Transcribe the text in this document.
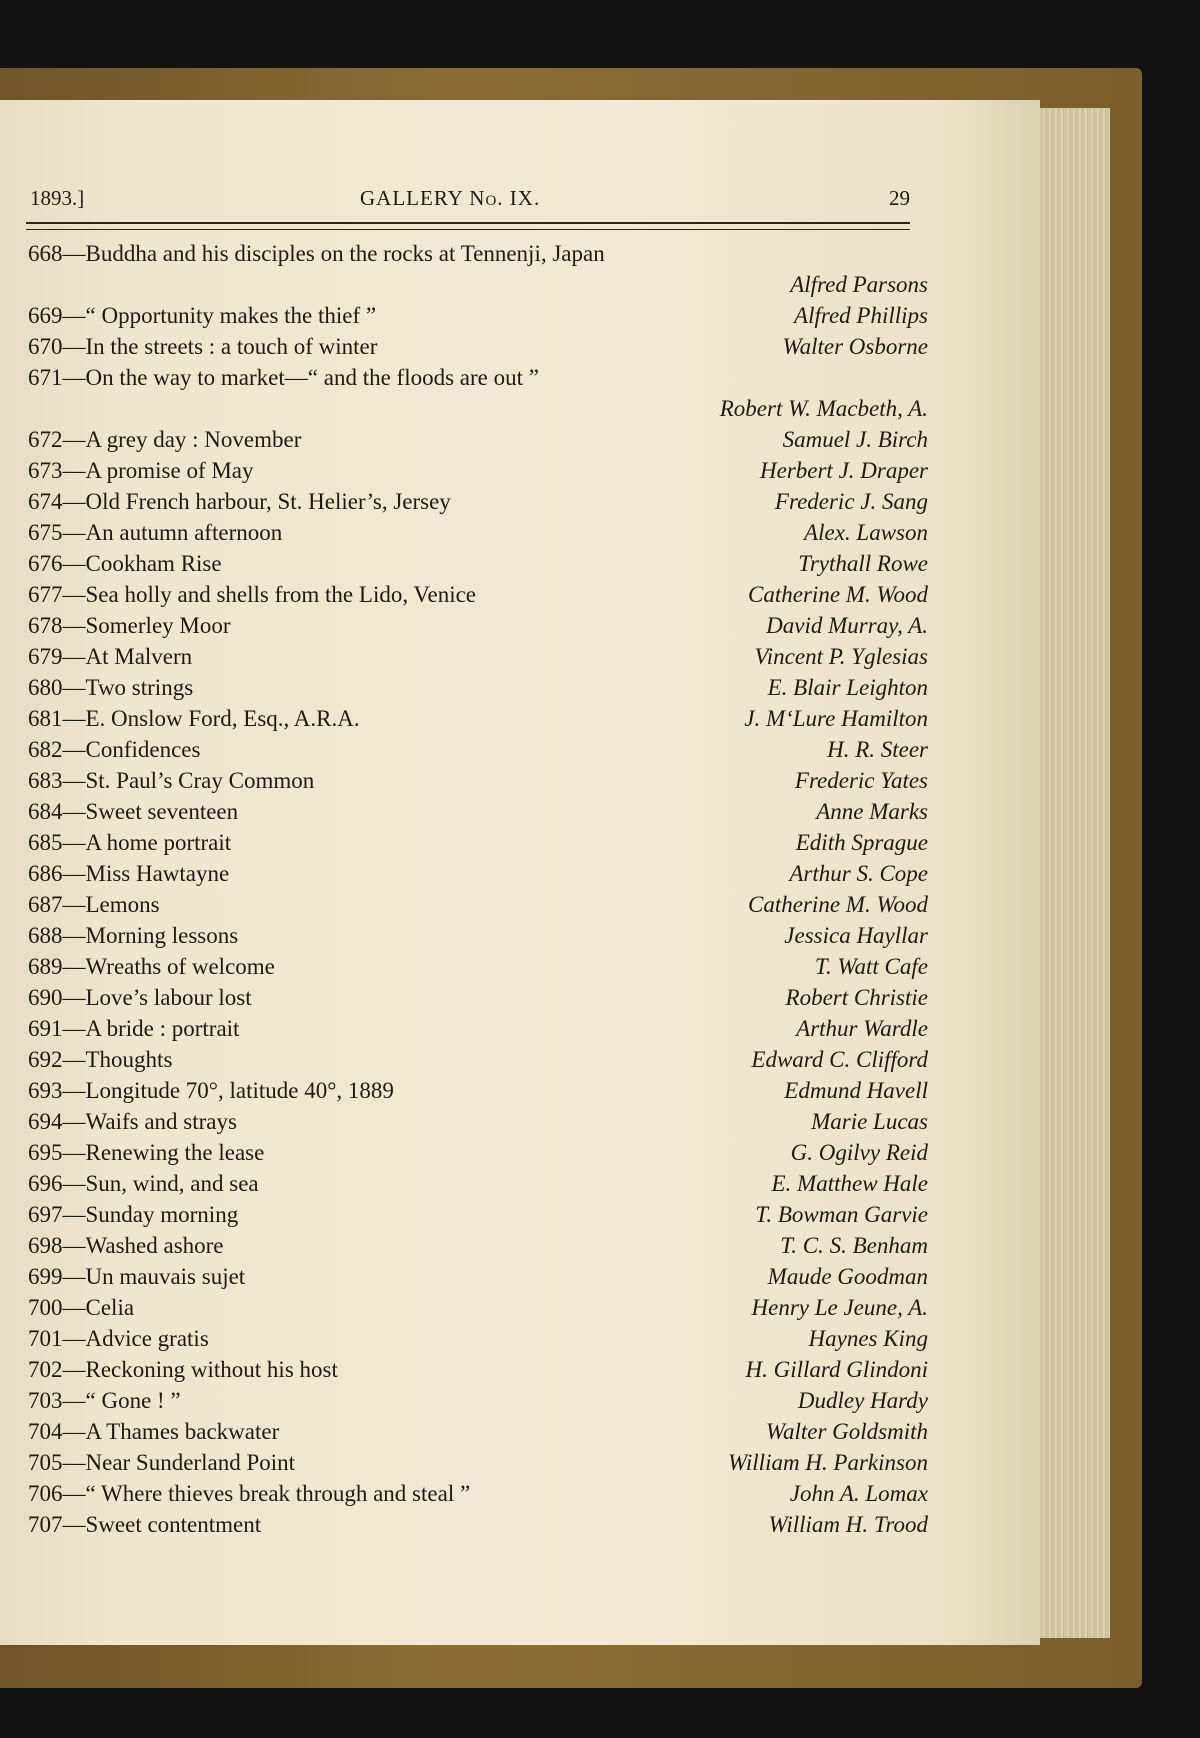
1893.]	GALLERY No. IX.	29
668—Buddha and his disciples on the rocks at Tennenji, Japan
Alfred Parsons
669—“ Opportunity makes the thief ”	Alfred Phillips
670—In the streets : a touch of winter	Walter Osborne
671—On the way to market—“ and the floods are out ”
Robert W. Macbeth, A.
672—A grey day : November	Samuel J. Birch
673—A promise of May	Herbert J. Draper
674—Old French harbour, St. Helier’s, Jersey	Frederic J. Sang
675—An autumn afternoon	Alex. Lawson
676—Cookham Rise	Trythall Rowe
677—Sea holly and shells from the Lido, Venice	Catherine M. Wood
678—Somerley Moor	David Murray, A.
679—At Malvern	Vincent P. Yglesias
680—Two strings	E. Blair Leighton
681—E. Onslow Ford, Esq., A.R.A.	J. M‘Lure Hamilton
682—Confidences	H. R. Steer
683—St. Paul’s Cray Common	Frederic Yates
684—Sweet seventeen	Anne Marks
685—A home portrait	Edith Sprague
686—Miss Hawtayne	Arthur S. Cope
687—Lemons	Catherine M. Wood
688—Morning lessons	Jessica Hayllar
689—Wreaths of welcome	T. Watt Cafe
690—Love’s labour lost	Robert Christie
691—A bride : portrait	Arthur Wardle
692—Thoughts	Edward C. Clifford
693—Longitude 70°, latitude 40°, 1889	Edmund Havell
694—Waifs and strays	Marie Lucas
695—Renewing the lease	G. Ogilvy Reid
696—Sun, wind, and sea	E. Matthew Hale
697—Sunday morning	T. Bowman Garvie
698—Washed ashore	T. C. S. Benham
699—Un mauvais sujet	Maude Goodman
700—Celia	Henry Le Jeune, A.
701—Advice gratis	Haynes King
702—Reckoning without his host	H. Gillard Glindoni
703—“ Gone ! ”	Dudley Hardy
704—A Thames backwater	Walter Goldsmith
705—Near Sunderland Point	William H. Parkinson
706—“ Where thieves break through and steal ”	John A. Lomax
707—Sweet contentment	William H. Trood
